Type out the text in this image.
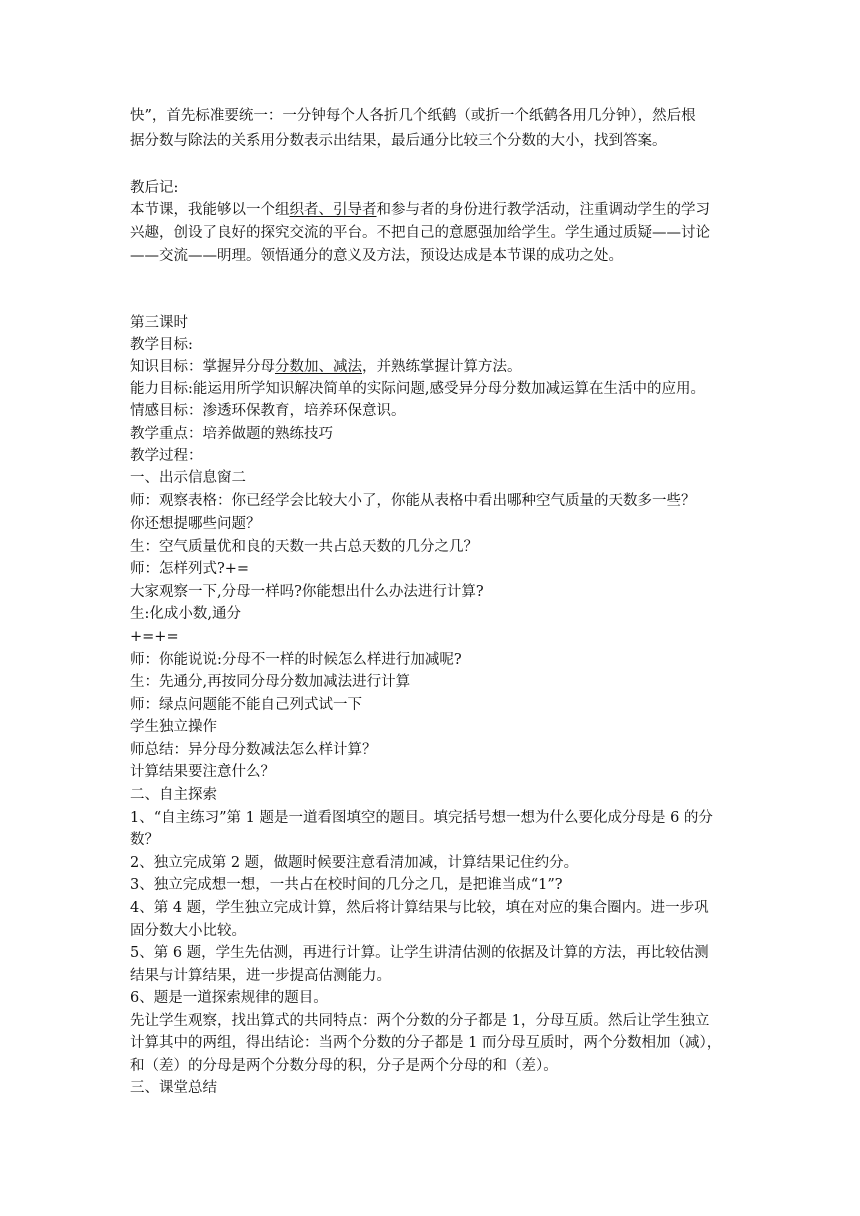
快”，首先标准要统一：一分钟每个人各折几个纸鹤（或折一个纸鹤各用几分钟），然后根
据分数与除法的关系用分数表示出结果，最后通分比较三个分数的大小，找到答案。
教后记:
本节课，我能够以一个组织者、引导者和参与者的身份进行教学活动，注重调动学生的学习
兴趣，创设了良好的探究交流的平台。不把自己的意愿强加给学生。学生通过质疑——讨论
——交流——明理。领悟通分的意义及方法，预设达成是本节课的成功之处。
第三课时
教学目标:
知识目标：掌握异分母分数加、减法，并熟练掌握计算方法。
能力目标:能运用所学知识解决简单的实际问题,感受异分母分数加减运算在生活中的应用。
情感目标：渗透环保教育，培养环保意识。
教学重点：培养做题的熟练技巧
教学过程：
一、出示信息窗二
师：观察表格：你已经学会比较大小了，你能从表格中看出哪种空气质量的天数多一些？
你还想提哪些问题？
生：空气质量优和良的天数一共占总天数的几分之几？
师：怎样列式?+=
大家观察一下,分母一样吗?你能想出什么办法进行计算?
生:化成小数,通分
+=+=
师：你能说说:分母不一样的时候怎么样进行加减呢?
生：先通分,再按同分母分数加减法进行计算
师：绿点问题能不能自己列式试一下
学生独立操作
师总结：异分母分数减法怎么样计算？
计算结果要注意什么？
二、自主探索
1、“自主练习”第 1 题是一道看图填空的题目。填完括号想一想为什么要化成分母是 6 的分
数？
2、独立完成第 2 题，做题时候要注意看清加减，计算结果记住约分。
3、独立完成想一想，一共占在校时间的几分之几，是把谁当成“1”?
4、第 4 题，学生独立完成计算，然后将计算结果与比较，填在对应的集合圈内。进一步巩
固分数大小比较。
5、第 6 题，学生先估测，再进行计算。让学生讲清估测的依据及计算的方法，再比较估测
结果与计算结果，进一步提高估测能力。
6、题是一道探索规律的题目。
先让学生观察，找出算式的共同特点：两个分数的分子都是 1，分母互质。然后让学生独立
计算其中的两组，得出结论：当两个分数的分子都是 1 而分母互质时，两个分数相加（减），
和（差）的分母是两个分数分母的积，分子是两个分母的和（差）。
三、课堂总结
